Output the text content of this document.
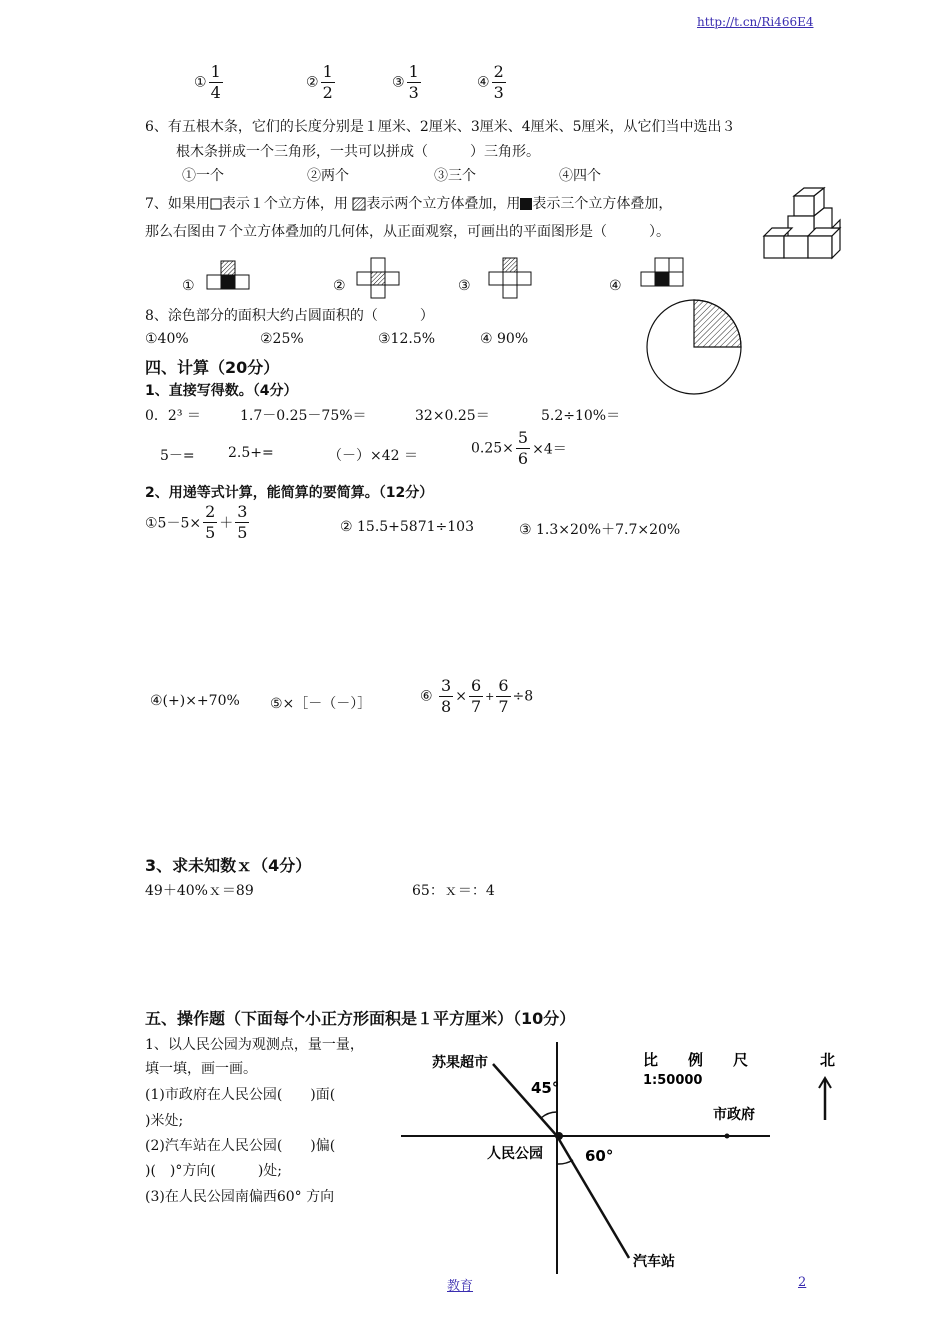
http://t.cn/Ri466E4
教育	2
① $\frac{1}{4}$	② $\frac{1}{2}$	③ $\frac{1}{3}$	④ $\frac{2}{3}$
6、有五根木条，它们的长度分别是１厘米、2厘米、3厘米、4厘米、5厘米，从它们当中选出３
根木条拼成一个三角形，一共可以拼成（　　　）三角形。
①一个	②两个	③三个	④四个
7、如果用 表示１个立方体，用 表示两个立方体叠加，用 表示三个立方体叠加，
那么右图由７个立方体叠加的几何体，从正面观察，可画出的平面图形是（　　　）。
①	②	③	④
8、涂色部分的面积大约占圆面积的（　　　）
①40%	②25%	③12.5%	④ 90%
四、计算（20分）
1、直接写得数。（4分）
0．2³ ＝	1.7－0.25－75%＝	32×0.25＝	5.2÷10%＝
5－= 2.5+=	（－）×42 ＝	$0.25\times \frac{5}{6} \times 4=$
2、用递等式计算，能简算的要简算。（12分）
①5－5× $\frac{2}{5} + \frac{3}{5}$	② 15.5+5871÷103	③ 1.3×20%＋7.7×20%
④(+)×+70% ⑤×［－（－）］	⑥ $\frac{3}{8} \times \frac{6}{7} + \frac{6}{7} \div 8$
3、求未知数ｘ（4分）
49＋40%ｘ＝89	65：ｘ＝：4
五、操作题（下面每个小正方形面积是１平方厘米）（10分）
1、以人民公园为观测点，量一量，
填一填，画一画。
(1)市政府在人民公园(　　)面(
)米处;
(2)汽车站在人民公园(　　)偏(
)(　)°方向(　　　)处;
(3)在人民公园南偏西60° 方向
苏果超市
45°
人民公园	60°
市政府
汽车站
比　　例　　尺
1:50000
北
